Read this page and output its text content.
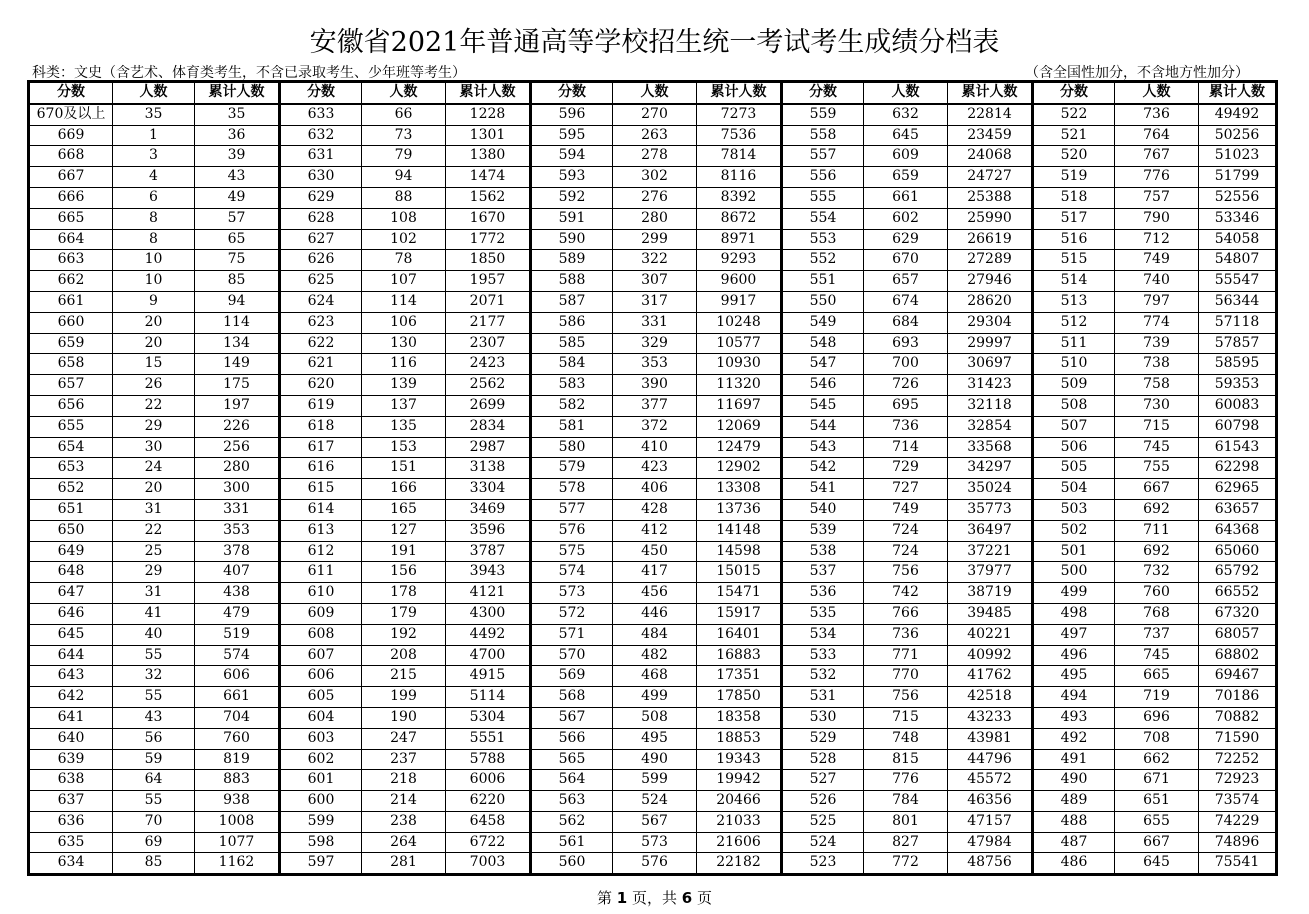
安徽省2021年普通高等学校招生统一考试考生成绩分档表
科类：文史（含艺术、体育类考生，不含已录取考生、少年班等考生）	（含全国性加分，不含地方性加分）
分数	人数	累计人数	分数	人数	累计人数	分数	人数	累计人数	分数	人数	累计人数	分数	人数	累计人数
670及以上	35	35	633	66	1228	596	270	7273	559	632	22814	522	736	49492
669	1	36	632	73	1301	595	263	7536	558	645	23459	521	764	50256
668	3	39	631	79	1380	594	278	7814	557	609	24068	520	767	51023
667	4	43	630	94	1474	593	302	8116	556	659	24727	519	776	51799
666	6	49	629	88	1562	592	276	8392	555	661	25388	518	757	52556
665	8	57	628	108	1670	591	280	8672	554	602	25990	517	790	53346
664	8	65	627	102	1772	590	299	8971	553	629	26619	516	712	54058
663	10	75	626	78	1850	589	322	9293	552	670	27289	515	749	54807
662	10	85	625	107	1957	588	307	9600	551	657	27946	514	740	55547
661	9	94	624	114	2071	587	317	9917	550	674	28620	513	797	56344
660	20	114	623	106	2177	586	331	10248	549	684	29304	512	774	57118
659	20	134	622	130	2307	585	329	10577	548	693	29997	511	739	57857
658	15	149	621	116	2423	584	353	10930	547	700	30697	510	738	58595
657	26	175	620	139	2562	583	390	11320	546	726	31423	509	758	59353
656	22	197	619	137	2699	582	377	11697	545	695	32118	508	730	60083
655	29	226	618	135	2834	581	372	12069	544	736	32854	507	715	60798
654	30	256	617	153	2987	580	410	12479	543	714	33568	506	745	61543
653	24	280	616	151	3138	579	423	12902	542	729	34297	505	755	62298
652	20	300	615	166	3304	578	406	13308	541	727	35024	504	667	62965
651	31	331	614	165	3469	577	428	13736	540	749	35773	503	692	63657
650	22	353	613	127	3596	576	412	14148	539	724	36497	502	711	64368
649	25	378	612	191	3787	575	450	14598	538	724	37221	501	692	65060
648	29	407	611	156	3943	574	417	15015	537	756	37977	500	732	65792
647	31	438	610	178	4121	573	456	15471	536	742	38719	499	760	66552
646	41	479	609	179	4300	572	446	15917	535	766	39485	498	768	67320
645	40	519	608	192	4492	571	484	16401	534	736	40221	497	737	68057
644	55	574	607	208	4700	570	482	16883	533	771	40992	496	745	68802
643	32	606	606	215	4915	569	468	17351	532	770	41762	495	665	69467
642	55	661	605	199	5114	568	499	17850	531	756	42518	494	719	70186
641	43	704	604	190	5304	567	508	18358	530	715	43233	493	696	70882
640	56	760	603	247	5551	566	495	18853	529	748	43981	492	708	71590
639	59	819	602	237	5788	565	490	19343	528	815	44796	491	662	72252
638	64	883	601	218	6006	564	599	19942	527	776	45572	490	671	72923
637	55	938	600	214	6220	563	524	20466	526	784	46356	489	651	73574
636	70	1008	599	238	6458	562	567	21033	525	801	47157	488	655	74229
635	69	1077	598	264	6722	561	573	21606	524	827	47984	487	667	74896
634	85	1162	597	281	7003	560	576	22182	523	772	48756	486	645	75541
第 1 页，共 6 页
